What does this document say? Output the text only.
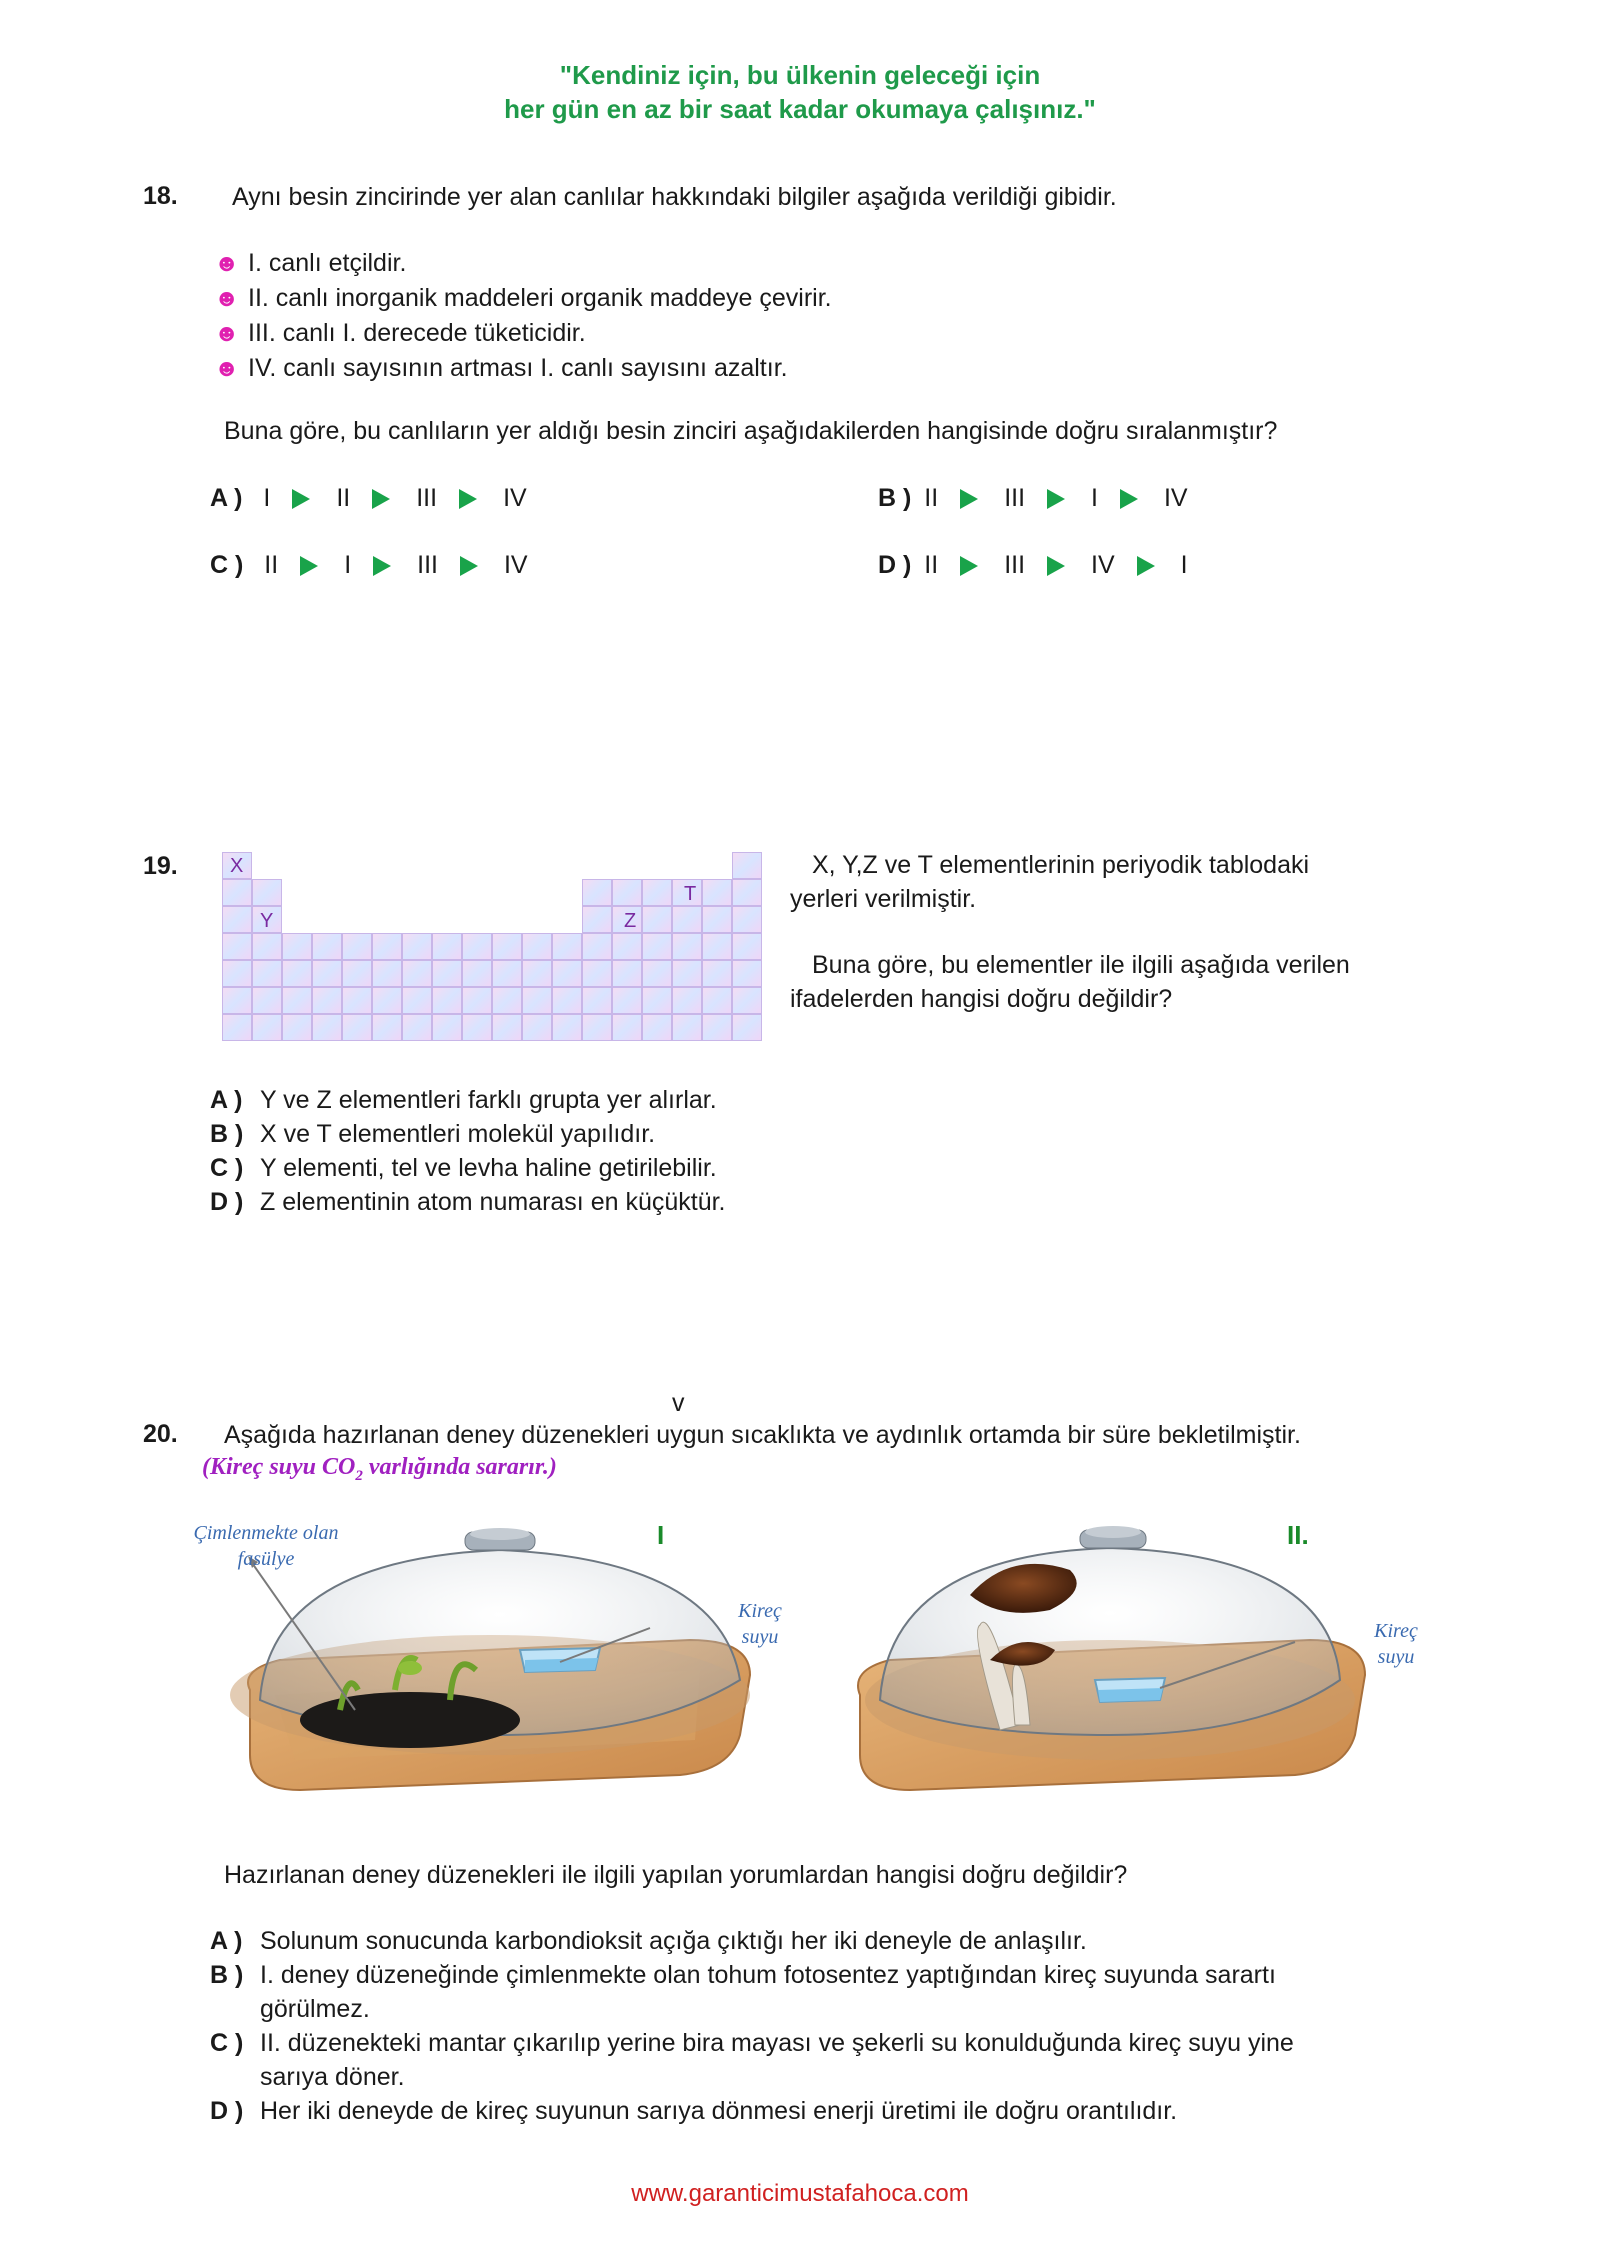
"Kendiniz için, bu ülkenin geleceği için
her gün en az bir saat kadar okumaya çalışınız."
18. Aynı besin zincirinde yer alan canlılar hakkındaki bilgiler aşağıda verildiği gibidir.
☻ I. canlı etçildir.
☻ II. canlı inorganik maddeleri organik maddeye çevirir.
☻ III. canlı I. derecede tüketicidir.
☻ IV. canlı sayısının artması I. canlı sayısını azaltır.
Buna göre, bu canlıların yer aldığı besin zinciri aşağıdakilerden hangisinde doğru sıralanmıştır?
A ) I	II	III	IV	B ) II	III	I	IV
C ) II	I	III	IV	D ) II	III	IV	I
19.	X
Y	Z
T
X, Y,Z ve T elementlerinin periyodik tablodaki
yerleri verilmiştir.
Buna göre, bu elementler ile ilgili aşağıda verilen
ifadelerden hangisi doğru değildir?
A ) Y ve Z elementleri farklı grupta yer alırlar.
B ) X ve T elementleri molekül yapılıdır.
C ) Y elementi, tel ve levha haline getirilebilir.
D ) Z elementinin atom numarası en küçüktür.
v
20. Aşağıda hazırlanan deney düzenekleri uygun sıcaklıkta ve aydınlık ortamda bir süre bekletilmiştir.
(Kireç suyu $CO_2$ varlığında sararır.)
Çimlenmekte olan
fasülye
Kireç
suyu
I
Kireç
suyu
II.
Hazırlanan deney düzenekleri ile ilgili yapılan yorumlardan hangisi doğru değildir?
A ) Solunum sonucunda karbondioksit açığa çıktığı her iki deneyle de anlaşılır.
B ) I. deney düzeneğinde çimlenmekte olan tohum fotosentez yaptığından kireç suyunda sarartı
görülmez.
C ) II. düzenekteki mantar çıkarılıp yerine bira mayası ve şekerli su konulduğunda kireç suyu yine
sarıya döner.
D ) Her iki deneyde de kireç suyunun sarıya dönmesi enerji üretimi ile doğru orantılıdır.
www.garanticimustafahoca.com
